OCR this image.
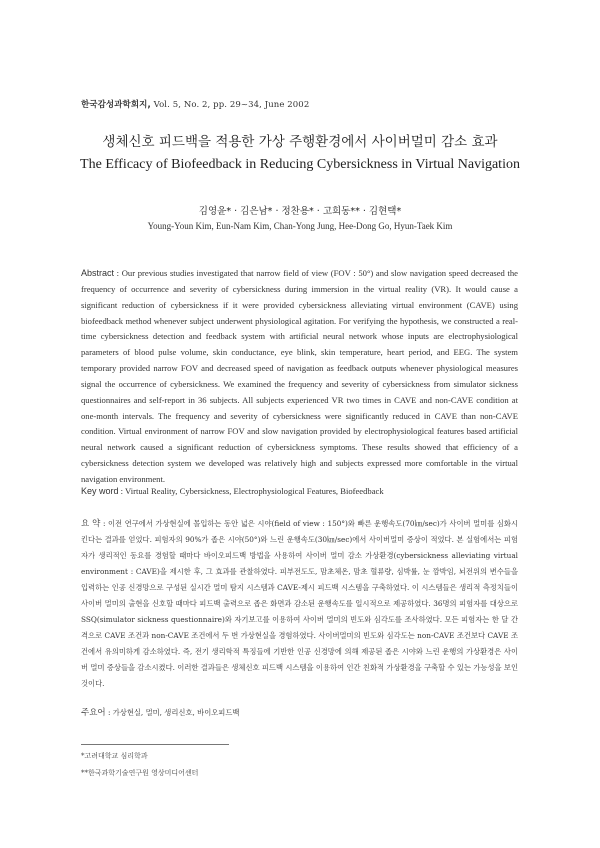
한국감성과학회지, Vol. 5, No. 2, pp. 29~34, June 2002
생체신호 피드백을 적용한 가상 주행환경에서 사이버멀미 감소 효과
The Efficacy of Biofeedback in Reducing Cybersickness in Virtual Navigation
김영윤* · 김은남* · 정찬용* · 고희동** · 김현택*
Young-Youn Kim, Eun-Nam Kim, Chan-Yong Jung, Hee-Dong Go, Hyun-Taek Kim
Abstract : Our previous studies investigated that narrow field of view (FOV : 50°) and slow navigation speed decreased the frequency of occurrence and severity of cybersickness during immersion in the virtual reality (VR). It would cause a significant reduction of cybersickness if it were provided cybersickness alleviating virtual environment (CAVE) using biofeedback method whenever subject underwent physiological agitation. For verifying the hypothesis, we constructed a real-time cybersickness detection and feedback system with artificial neural network whose inputs are electrophysiological parameters of blood pulse volume, skin conductance, eye blink, skin temperature, heart period, and EEG. The system temporary provided narrow FOV and decreased speed of navigation as feedback outputs whenever physiological measures signal the occurrence of cybersickness. We examined the frequency and severity of cybersickness from simulator sickness questionnaires and self-report in 36 subjects. All subjects experienced VR two times in CAVE and non-CAVE condition at one-month intervals. The frequency and severity of cybersickness were significantly reduced in CAVE than non-CAVE condition. Virtual environment of narrow FOV and slow navigation provided by electrophysiological features based artificial neural network caused a significant reduction of cybersickness symptoms. These results showed that efficiency of a cybersickness detection system we developed was relatively high and subjects expressed more comfortable in the virtual navigation environment.
Key word : Virtual Reality, Cybersickness, Electrophysiological Features, Biofeedback
요 약 : 이전 연구에서 가상현실에 몰입하는 동안 넓은 시야(field of view : 150°)와 빠른 운행속도(70㎞/sec)가 사이버 멀미를 심화시킨다는 결과를 얻었다. 피험자의 90%가 좁은 시야(50°)와 느린 운행속도(30㎞/sec)에서 사이버멀미 증상이 적었다. 본 실험에서는 피험자가 생리적인 동요를 경험할 때마다 바이오피드백 방법을 사용하여 사이버 멀미 감소 가상환경(cybersickness alleviating virtual environment : CAVE)을 제시한 후, 그 효과를 관찰하였다. 피부전도도, 맘초체온, 맘초 혈류량, 심박률, 눈 깜박임, 뇌전위의 변수들을 입력하는 인공 신경망으로 구성된 실시간 멀미 탐지 시스템과 CAVE-제시 피드백 시스템을 구축하였다. 이 시스템들은 생리적 측정치들이 사이버 멀미의 출현을 신호할 때마다 피드백 출력으로 좁은 화면과 감소된 운행속도를 일시적으로 제공하였다. 36명의 피험자를 대상으로 SSQ(simulator sickness questionnaire)와 자기보고를 이용하여 사이버 멀미의 빈도와 심각도를 조사하였다. 모든 피험자는 한 달 간격으로 CAVE 조건과 non-CAVE 조건에서 두 번 가상현실을 경험하였다. 사이버멀미의 빈도와 심각도는 non-CAVE 조건보다 CAVE 조건에서 유의미하게 감소하였다. 즉, 전기 생리학적 특징들에 기반한 인공 신경망에 의해 제공된 좁은 시야와 느린 운행의 가상환경은 사이버 멀미 증상들을 감소시켰다. 이러한 결과들은 생체신호 피드백 시스템을 이용하여 인간 친화적 가상환경을 구축할 수 있는 가능성을 보인 것이다.
주요어 : 가상현실, 멀미, 생리신호, 바이오피드백
*고려대학교 심리학과
**한국과학기술연구원 영상미디어센터
